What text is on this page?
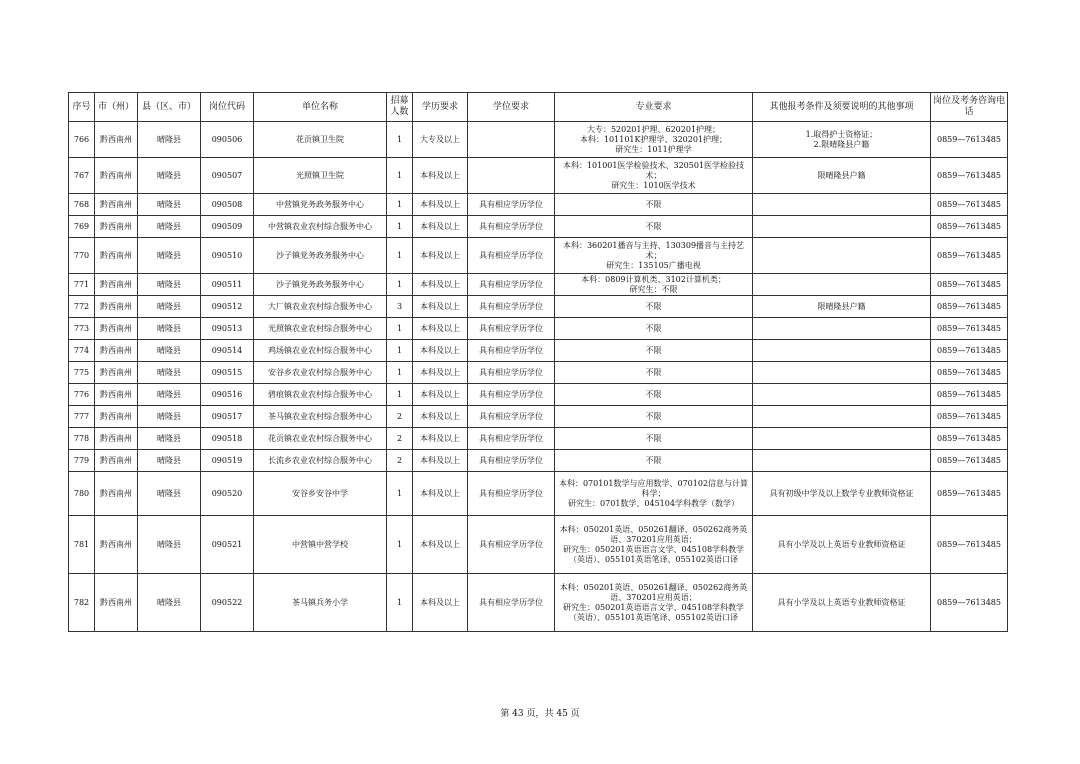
序号	市（州）	县（区、市）	岗位代码	单位名称	招募人数	学历要求	学位要求	专业要求	其他报考条件及须要说明的其他事项	岗位及考务咨询电话
766	黔西南州	晴隆县	090506	花贡镇卫生院	1	大专及以上		大专：520201护理、620201护理；
本科：101101K护理学、320201护理；
研究生：1011护理学	1.取得护士资格证；
2.限晴隆县户籍	0859—7613485
767	黔西南州	晴隆县	090507	光照镇卫生院	1	本科及以上		本科：101001医学检验技术、320501医学检验技术；
研究生：1010医学技术	限晴隆县户籍	0859—7613485
768	黔西南州	晴隆县	090508	中营镇党务政务服务中心	1	本科及以上	具有相应学历学位	不限		0859—7613485
769	黔西南州	晴隆县	090509	中营镇农业农村综合服务中心	1	本科及以上	具有相应学历学位	不限		0859—7613485
770	黔西南州	晴隆县	090510	沙子镇党务政务服务中心	1	本科及以上	具有相应学历学位	本科：360201播音与主持、130309播音与主持艺术；
研究生：135105广播电视		0859—7613485
771	黔西南州	晴隆县	090511	沙子镇党务政务服务中心	1	本科及以上	具有相应学历学位	本科：0809计算机类、3102计算机类；
研究生：不限		0859—7613485
772	黔西南州	晴隆县	090512	大厂镇农业农村综合服务中心	3	本科及以上	具有相应学历学位	不限	限晴隆县户籍	0859—7613485
773	黔西南州	晴隆县	090513	光照镇农业农村综合服务中心	1	本科及以上	具有相应学历学位	不限		0859—7613485
774	黔西南州	晴隆县	090514	鸡场镇农业农村综合服务中心	1	本科及以上	具有相应学历学位	不限		0859—7613485
775	黔西南州	晴隆县	090515	安谷乡农业农村综合服务中心	1	本科及以上	具有相应学历学位	不限		0859—7613485
776	黔西南州	晴隆县	090516	碧痕镇农业农村综合服务中心	1	本科及以上	具有相应学历学位	不限		0859—7613485
777	黔西南州	晴隆县	090517	茶马镇农业农村综合服务中心	2	本科及以上	具有相应学历学位	不限		0859—7613485
778	黔西南州	晴隆县	090518	花贡镇农业农村综合服务中心	2	本科及以上	具有相应学历学位	不限		0859—7613485
779	黔西南州	晴隆县	090519	长流乡农业农村综合服务中心	2	本科及以上	具有相应学历学位	不限		0859—7613485
780	黔西南州	晴隆县	090520	安谷乡安谷中学	1	本科及以上	具有相应学历学位	本科：070101数学与应用数学、070102信息与计算科学；
研究生：0701数学、045104学科教学（数学）	具有初级中学及以上数学专业教师资格证	0859—7613485
781	黔西南州	晴隆县	090521	中营镇中营学校	1	本科及以上	具有相应学历学位	本科：050201英语、050261翻译、050262商务英语、370201应用英语；
研究生：050201英语语言文学、045108学科教学（英语）、055101英语笔译、055102英语口译	具有小学及以上英语专业教师资格证	0859—7613485
782	黔西南州	晴隆县	090522	茶马镇兵务小学	1	本科及以上	具有相应学历学位	本科：050201英语、050261翻译、050262商务英语、370201应用英语；
研究生：050201英语语言文学、045108学科教学（英语）、055101英语笔译、055102英语口译	具有小学及以上英语专业教师资格证	0859—7613485
第 43 页，共 45 页
